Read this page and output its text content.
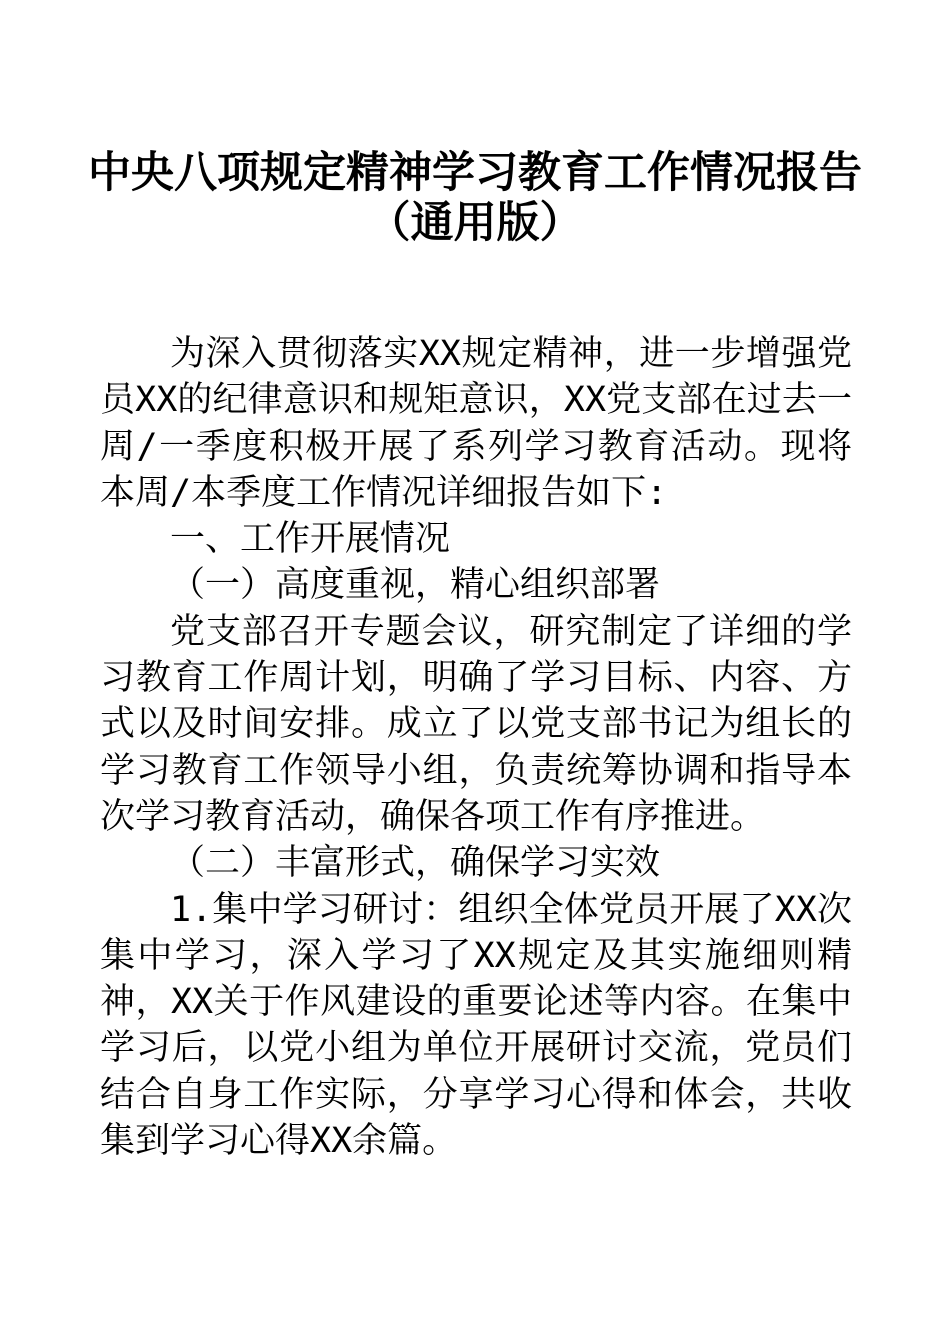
中央八项规定精神学习教育工作情况报告
（通用版）

为深入贯彻落实XX规定精神，进一步增强党员XX的纪律意识和规矩意识，XX党支部在过去一周/一季度积极开展了系列学习教育活动。现将本周/本季度工作情况详细报告如下:

一、工作开展情况

（一）高度重视，精心组织部署

党支部召开专题会议，研究制定了详细的学习教育工作周计划，明确了学习目标、内容、方式以及时间安排。成立了以党支部书记为组长的学习教育工作领导小组，负责统筹协调和指导本次学习教育活动，确保各项工作有序推进。

（二）丰富形式，确保学习实效

1.集中学习研讨：组织全体党员开展了XX次集中学习，深入学习了XX规定及其实施细则精神，XX关于作风建设的重要论述等内容。在集中学习后，以党小组为单位开展研讨交流，党员们结合自身工作实际，分享学习心得和体会，共收集到学习心得XX余篇。
